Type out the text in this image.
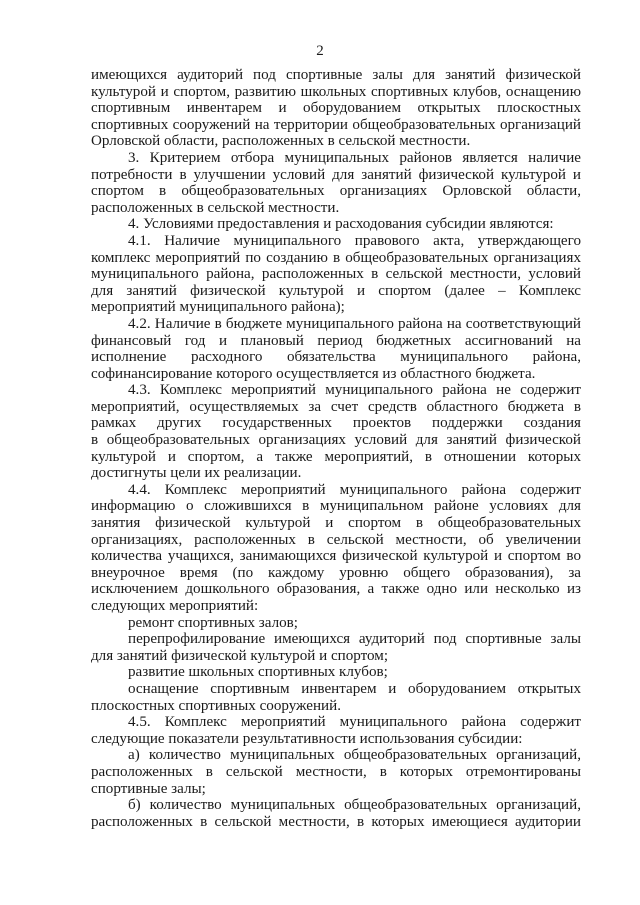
2

имеющихся аудиторий под спортивные залы для занятий физической культурой и спортом, развитию школьных спортивных клубов, оснащению спортивным инвентарем и оборудованием открытых плоскостных спортивных сооружений на территории общеобразовательных организаций Орловской области, расположенных в сельской местности.

3. Критерием отбора муниципальных районов является наличие потребности в улучшении условий для занятий физической культурой и спортом в общеобразовательных организациях Орловской области, расположенных в сельской местности.

4. Условиями предоставления и расходования субсидии являются:

4.1. Наличие муниципального правового акта, утверждающего комплекс мероприятий по созданию в общеобразовательных организациях муниципального района, расположенных в сельской местности, условий для занятий физической культурой и спортом (далее – Комплекс мероприятий муниципального района);

4.2. Наличие в бюджете муниципального района на соответствующий финансовый год и плановый период бюджетных ассигнований на исполнение расходного обязательства муниципального района, софинансирование которого осуществляется из областного бюджета.

4.3. Комплекс мероприятий муниципального района не содержит мероприятий, осуществляемых за счет средств областного бюджета в рамках других государственных проектов поддержки создания

в общеобразовательных организациях условий для занятий физической культурой и спортом, а также мероприятий, в отношении которых достигнуты цели их реализации.

4.4. Комплекс мероприятий муниципального района содержит информацию о сложившихся в муниципальном районе условиях для занятия физической культурой и спортом в общеобразовательных организациях, расположенных в сельской местности, об увеличении количества учащихся, занимающихся физической культурой и спортом во внеурочное время (по каждому уровню общего образования), за исключением дошкольного образования, а также одно или несколько из следующих мероприятий:

ремонт спортивных залов;

перепрофилирование имеющихся аудиторий под спортивные залы для занятий физической культурой и спортом;

развитие школьных спортивных клубов;

оснащение спортивным инвентарем и оборудованием открытых плоскостных спортивных сооружений.

4.5. Комплекс мероприятий муниципального района содержит следующие показатели результативности использования субсидии:

а) количество муниципальных общеобразовательных организаций, расположенных в сельской местности, в которых отремонтированы спортивные залы;

б) количество муниципальных общеобразовательных организаций, расположенных в сельской местности, в которых имеющиеся аудитории
